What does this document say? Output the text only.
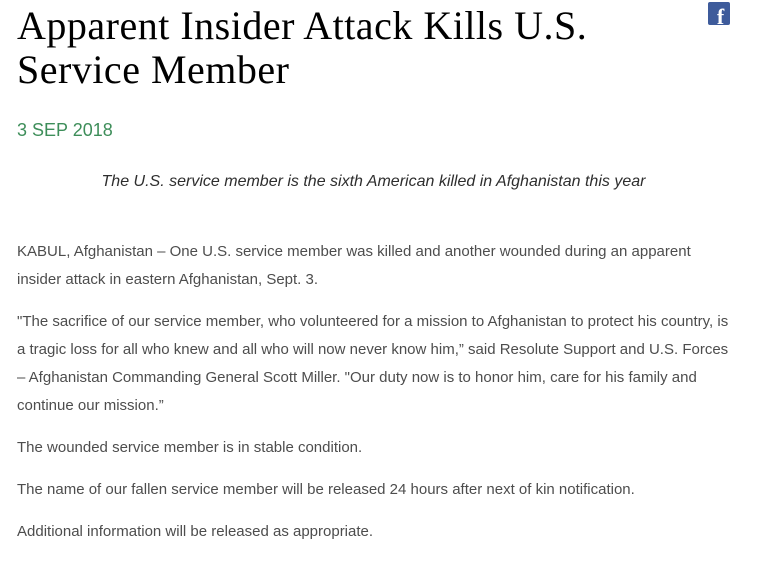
Apparent Insider Attack Kills U.S. Service Member
f
3 SEP 2018
The U.S. service member is the sixth American killed in Afghanistan this year

KABUL, Afghanistan – One U.S. service member was killed and another wounded during an apparent insider attack in eastern Afghanistan, Sept. 3.

"The sacrifice of our service member, who volunteered for a mission to Afghanistan to protect his country, is a tragic loss for all who knew and all who will now never know him,” said Resolute Support and U.S. Forces – Afghanistan Commanding General Scott Miller. "Our duty now is to honor him, care for his family and continue our mission.”

The wounded service member is in stable condition.

The name of our fallen service member will be released 24 hours after next of kin notification.

Additional information will be released as appropriate.
